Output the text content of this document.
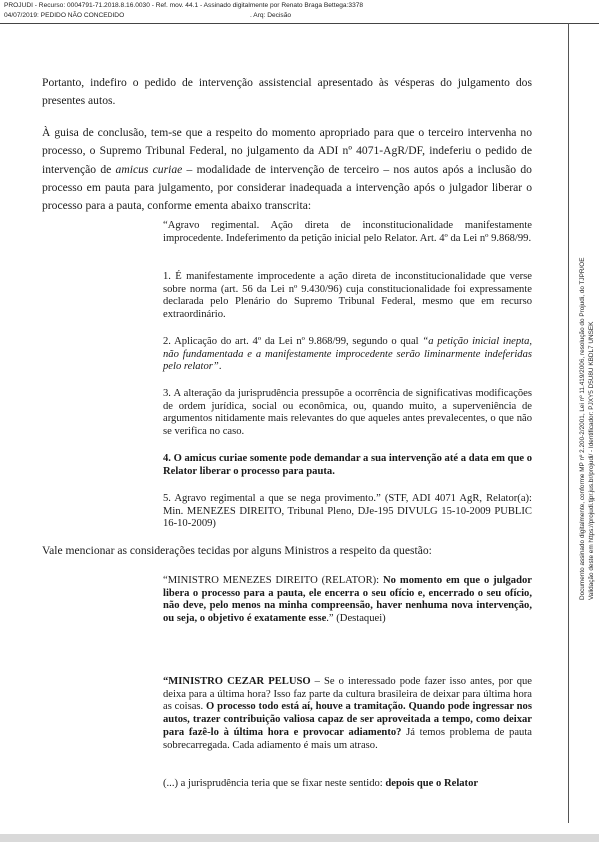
PROJUDI - Recurso: 0004791-71.2018.8.16.0030 - Ref. mov. 44.1 - Assinado digitalmente por Renato Braga Bettega:3378
04/07/2019: PEDIDO NÃO CONCEDIDO	. Arq: Decisão
Documento assinado digitalmente, conforme MP nº 2.200-2/2001, Lei nº 11.419/2006, resolução do Projudi, do TJPR/OE Validação deste em https://projudi.tjpr.jus.br/projudi/ - Identificador: PJXY5 D5U8U KBDL7 UNSEK

Portanto, indefiro o pedido de intervenção assistencial apresentado às vésperas do julgamento dos presentes autos.

À guisa de conclusão, tem-se que a respeito do momento apropriado para que o terceiro intervenha no processo, o Supremo Tribunal Federal, no julgamento da ADI nº 4071-AgR/DF, indeferiu o pedido de intervenção de amicus curiae – modalidade de intervenção de terceiro – nos autos após a inclusão do processo em pauta para julgamento, por considerar inadequada a intervenção após o julgador liberar o processo para a pauta, conforme ementa abaixo transcrita:

“Agravo regimental. Ação direta de inconstitucionalidade manifestamente improcedente. Indeferimento da petição inicial pelo Relator. Art. 4º da Lei nº 9.868/99.

1. É manifestamente improcedente a ação direta de inconstitucionalidade que verse sobre norma (art. 56 da Lei nº 9.430/96) cuja constitucionalidade foi expressamente declarada pelo Plenário do Supremo Tribunal Federal, mesmo que em recurso extraordinário.

2. Aplicação do art. 4º da Lei nº 9.868/99, segundo o qual “a petição inicial inepta, não fundamentada e a manifestamente improcedente serão liminarmente indeferidas pelo relator”.

3. A alteração da jurisprudência pressupõe a ocorrência de significativas modificações de ordem jurídica, social ou econômica, ou, quando muito, a superveniência de argumentos nitidamente mais relevantes do que aqueles antes prevalecentes, o que não se verifica no caso.

4. O amicus curiae somente pode demandar a sua intervenção até a data em que o Relator liberar o processo para pauta.

5. Agravo regimental a que se nega provimento.” (STF, ADI 4071 AgR, Relator(a): Min. MENEZES DIREITO, Tribunal Pleno, DJe-195 DIVULG 15-10-2009 PUBLIC 16-10-2009)

Vale mencionar as considerações tecidas por alguns Ministros a respeito da questão:

“MINISTRO MENEZES DIREITO (RELATOR): No momento em que o julgador libera o processo para a pauta, ele encerra o seu ofício e, encerrado o seu ofício, não deve, pelo menos na minha compreensão, haver nenhuma nova intervenção, ou seja, o objetivo é exatamente esse.” (Destaquei)

“MINISTRO CEZAR PELUSO – Se o interessado pode fazer isso antes, por que deixa para a última hora? Isso faz parte da cultura brasileira de deixar para última hora as coisas. O processo todo está aí, houve a tramitação. Quando pode ingressar nos autos, trazer contribuição valiosa capaz de ser aproveitada a tempo, como deixar para fazê-lo à última hora e provocar adiamento? Já temos problema de pauta sobrecarregada. Cada adiamento é mais um atraso.

(...) a jurisprudência teria que se fixar neste sentido: depois que o Relator
